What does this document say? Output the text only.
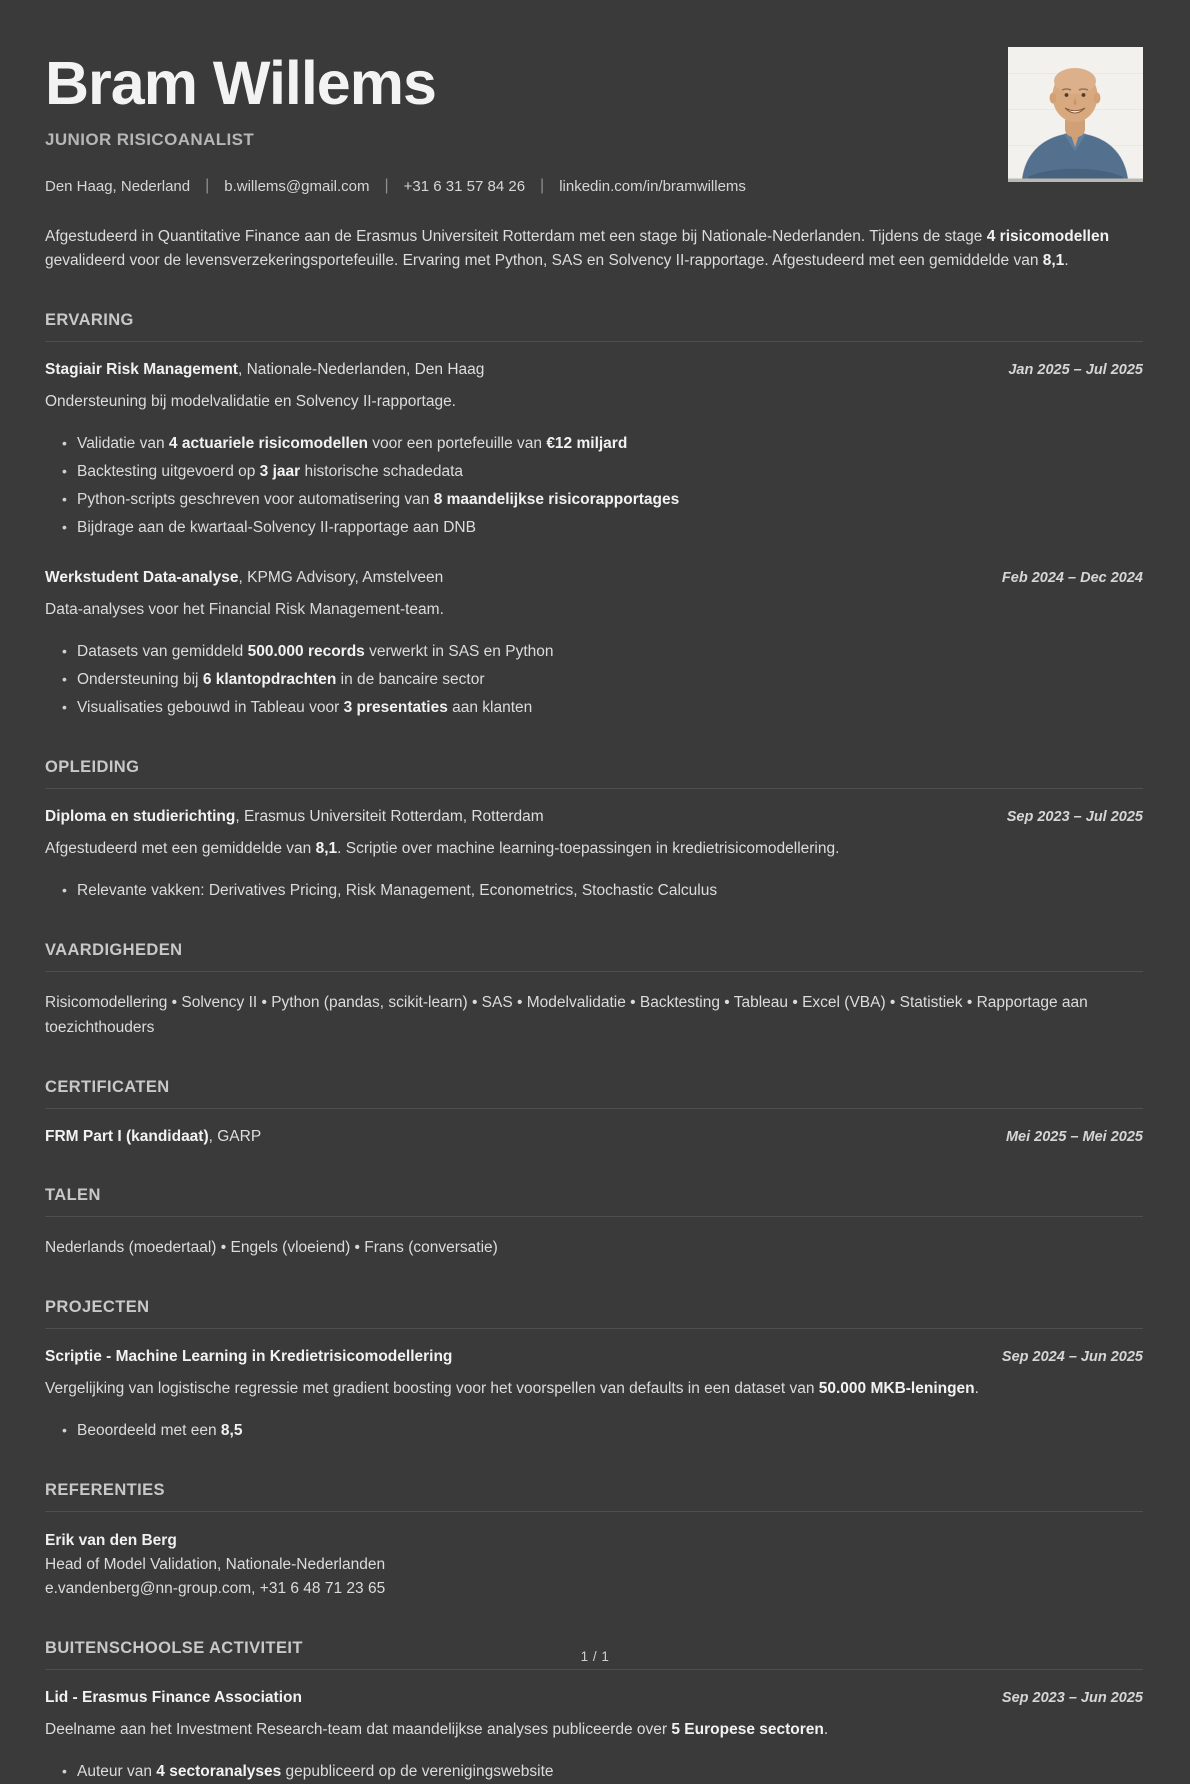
Bram Willems
JUNIOR RISICOANALIST
Den Haag, Nederland | b.willems@gmail.com | +31 6 31 57 84 26 | linkedin.com/in/bramwillems

Afgestudeerd in Quantitative Finance aan de Erasmus Universiteit Rotterdam met een stage bij Nationale-Nederlanden. Tijdens de stage 4 risicomodellen gevalideerd voor de levensverzekeringsportefeuille. Ervaring met Python, SAS en Solvency II-rapportage. Afgestudeerd met een gemiddelde van 8,1.

ERVARING
Stagiair Risk Management, Nationale-Nederlanden, Den Haag	Jan 2025 – Jul 2025

Ondersteuning bij modelvalidatie en Solvency II-rapportage.

• Validatie van 4 actuariele risicomodellen voor een portefeuille van €12 miljard
• Backtesting uitgevoerd op 3 jaar historische schadedata
• Python-scripts geschreven voor automatisering van 8 maandelijkse risicorapportages
• Bijdrage aan de kwartaal-Solvency II-rapportage aan DNB
Werkstudent Data-analyse, KPMG Advisory, Amstelveen	Feb 2024 – Dec 2024

Data-analyses voor het Financial Risk Management-team.

• Datasets van gemiddeld 500.000 records verwerkt in SAS en Python
• Ondersteuning bij 6 klantopdrachten in de bancaire sector
• Visualisaties gebouwd in Tableau voor 3 presentaties aan klanten
OPLEIDING
Diploma en studierichting, Erasmus Universiteit Rotterdam, Rotterdam	Sep 2023 – Jul 2025

Afgestudeerd met een gemiddelde van 8,1. Scriptie over machine learning-toepassingen in kredietrisicomodellering.

• Relevante vakken: Derivatives Pricing, Risk Management, Econometrics, Stochastic Calculus
VAARDIGHEDEN

Risicomodellering • Solvency II • Python (pandas, scikit-learn) • SAS • Modelvalidatie • Backtesting • Tableau • Excel (VBA) • Statistiek • Rapportage aan toezichthouders

CERTIFICATEN
FRM Part I (kandidaat), GARP	Mei 2025 – Mei 2025
TALEN

Nederlands (moedertaal) • Engels (vloeiend) • Frans (conversatie)

PROJECTEN
Scriptie - Machine Learning in Kredietrisicomodellering	Sep 2024 – Jun 2025

Vergelijking van logistische regressie met gradient boosting voor het voorspellen van defaults in een dataset van 50.000 MKB-leningen.

• Beoordeeld met een 8,5
REFERENTIES
Erik van den Berg
Head of Model Validation, Nationale-Nederlanden
e.vandenberg@nn-group.com, +31 6 48 71 23 65
BUITENSCHOOLSE ACTIVITEIT
Lid - Erasmus Finance Association	Sep 2023 – Jun 2025

Deelname aan het Investment Research-team dat maandelijkse analyses publiceerde over 5 Europese sectoren.

• Auteur van 4 sectoranalyses gepubliceerd op de verenigingswebsite
1 / 1
